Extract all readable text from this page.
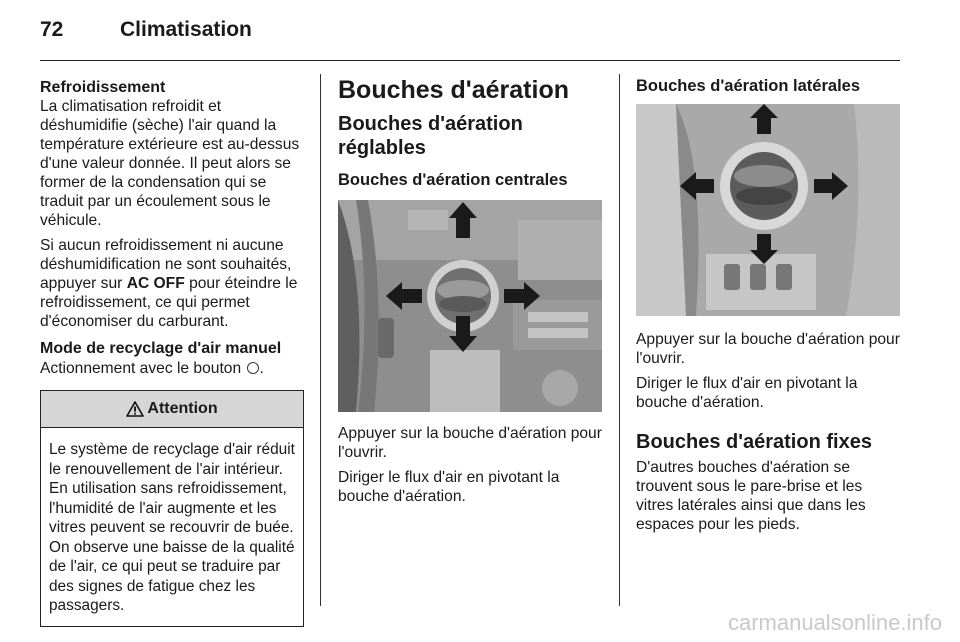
72	Climatisation
Refroidissement

La climatisation refroidit et déshumidifie (sèche) l'air quand la température extérieure est au-dessus d'une valeur donnée. Il peut alors se former de la condensation qui se traduit par un écoulement sous le véhicule.

Si aucun refroidissement ni aucune déshumidification ne sont souhaités, appuyer sur AC OFF pour éteindre le refroidissement, ce qui permet d'économiser du carburant.

Mode de recyclage d'air manuel

Actionnement avec le bouton .

Attention

Le système de recyclage d'air réduit le renouvellement de l'air intérieur. En utilisation sans refroidissement, l'humidité de l'air augmente et les vitres peuvent se recouvrir de buée. On observe une baisse de la qualité de l'air, ce qui peut se traduire par des signes de fatigue chez les passagers.

Bouches d'aération
Bouches d'aération réglables
Bouches d'aération centrales

Appuyer sur la bouche d'aération pour l'ouvrir.

Diriger le flux d'air en pivotant la bouche d'aération.

Bouches d'aération latérales

Appuyer sur la bouche d'aération pour l'ouvrir.

Diriger le flux d'air en pivotant la bouche d'aération.

Bouches d'aération fixes

D'autres bouches d'aération se trouvent sous le pare-brise et les vitres latérales ainsi que dans les espaces pour les pieds.

carmanualsonline.info
